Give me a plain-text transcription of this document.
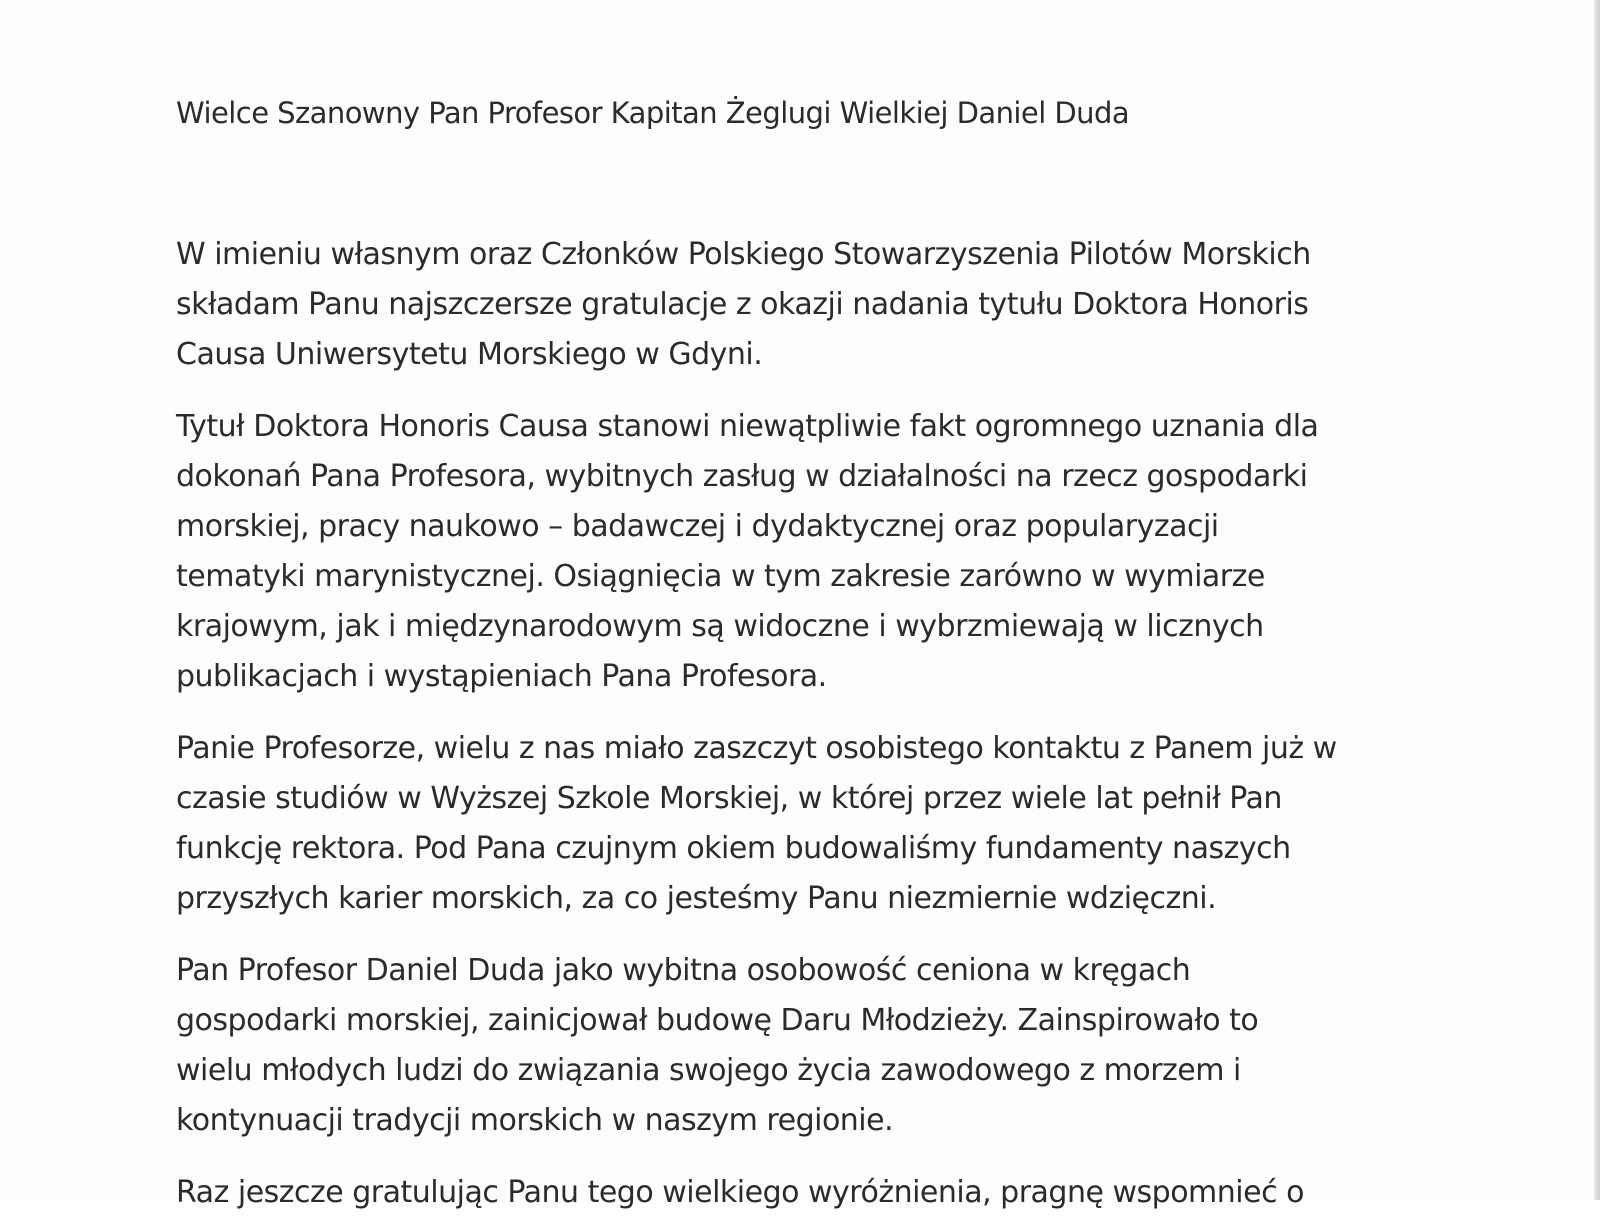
Wielce Szanowny Pan Profesor Kapitan Żeglugi Wielkiej Daniel Duda

W imieniu własnym oraz Członków Polskiego Stowarzyszenia Pilotów Morskich
składam Panu najszczersze gratulacje z okazji nadania tytułu Doktora Honoris
Causa Uniwersytetu Morskiego w Gdyni.

Tytuł Doktora Honoris Causa stanowi niewątpliwie fakt ogromnego uznania dla
dokonań Pana Profesora, wybitnych zasług w działalności na rzecz gospodarki
morskiej, pracy naukowo – badawczej i dydaktycznej oraz popularyzacji
tematyki marynistycznej. Osiągnięcia w tym zakresie zarówno w wymiarze
krajowym, jak i międzynarodowym są widoczne i wybrzmiewają w licznych
publikacjach i wystąpieniach Pana Profesora.

Panie Profesorze, wielu z nas miało zaszczyt osobistego kontaktu z Panem już w
czasie studiów w Wyższej Szkole Morskiej, w której przez wiele lat pełnił Pan
funkcję rektora. Pod Pana czujnym okiem budowaliśmy fundamenty naszych
przyszłych karier morskich, za co jesteśmy Panu niezmiernie wdzięczni.

Pan Profesor Daniel Duda jako wybitna osobowość ceniona w kręgach
gospodarki morskiej, zainicjował budowę Daru Młodzieży. Zainspirowało to
wielu młodych ludzi do związania swojego życia zawodowego z morzem i
kontynuacji tradycji morskich w naszym regionie.

Raz jeszcze gratulując Panu tego wielkiego wyróżnienia, pragnę wspomnieć o
